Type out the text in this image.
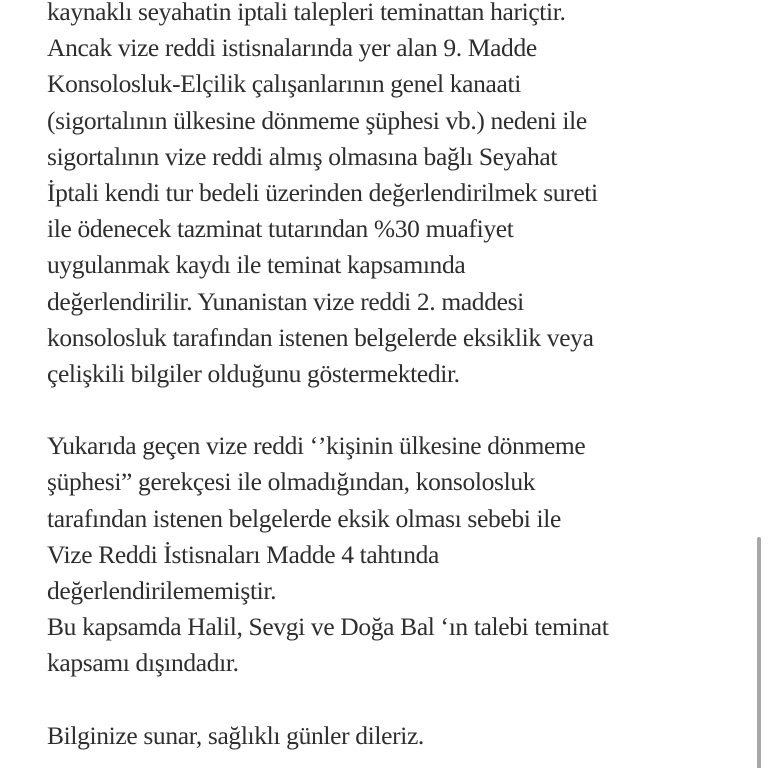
kaynaklı seyahatin iptali talepleri teminattan hariçtir.
Ancak vize reddi istisnalarında yer alan 9. Madde
Konsolosluk-Elçilik çalışanlarının genel kanaati
(sigortalının ülkesine dönmeme şüphesi vb.) nedeni ile
sigortalının vize reddi almış olmasına bağlı Seyahat
İptali kendi tur bedeli üzerinden değerlendirilmek sureti
ile ödenecek tazminat tutarından %30 muafiyet
uygulanmak kaydı ile teminat kapsamında
değerlendirilir. Yunanistan vize reddi 2. maddesi
konsolosluk tarafından istenen belgelerde eksiklik veya
çelişkili bilgiler olduğunu göstermektedir.
Yukarıda geçen vize reddi ‘’kişinin ülkesine dönmeme
şüphesi” gerekçesi ile olmadığından, konsolosluk
tarafından istenen belgelerde eksik olması sebebi ile
Vize Reddi İstisnaları Madde 4 tahtında
değerlendirilememiştir.
Bu kapsamda Halil, Sevgi ve Doğa Bal ‘ın talebi teminat
kapsamı dışındadır.
Bilginize sunar, sağlıklı günler dileriz.
